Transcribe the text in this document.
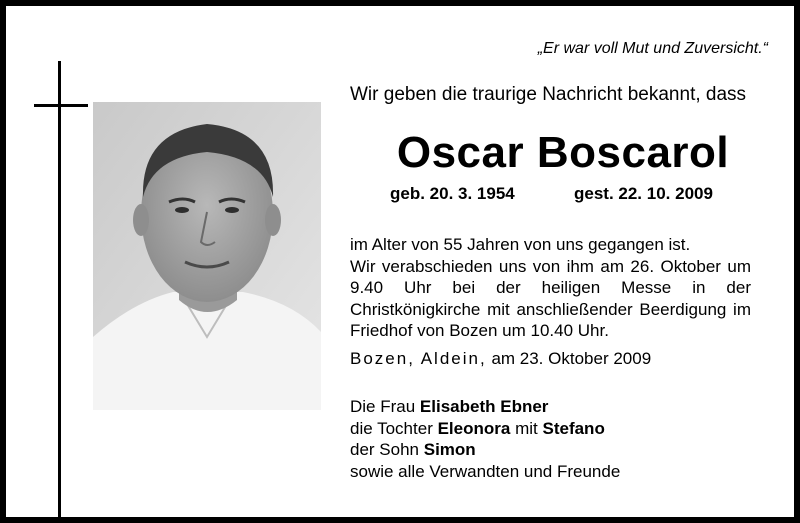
„Er war voll Mut und Zuversicht.“
Wir geben die traurige Nachricht bekannt, dass
Oscar Boscarol
geb. 20. 3. 1954	gest. 22. 10. 2009

im Alter von 55 Jahren von uns gegangen ist.

Wir verabschieden uns von ihm am 26. Oktober um 9.40 Uhr bei der heiligen Messe in der Christkönigkirche mit anschließender Beerdigung im Friedhof von Bozen um 10.40 Uhr.

Bozen, Aldein, am 23. Oktober 2009
Die Frau Elisabeth Ebner
die Tochter Eleonora mit Stefano
der Sohn Simon
sowie alle Verwandten und Freunde
